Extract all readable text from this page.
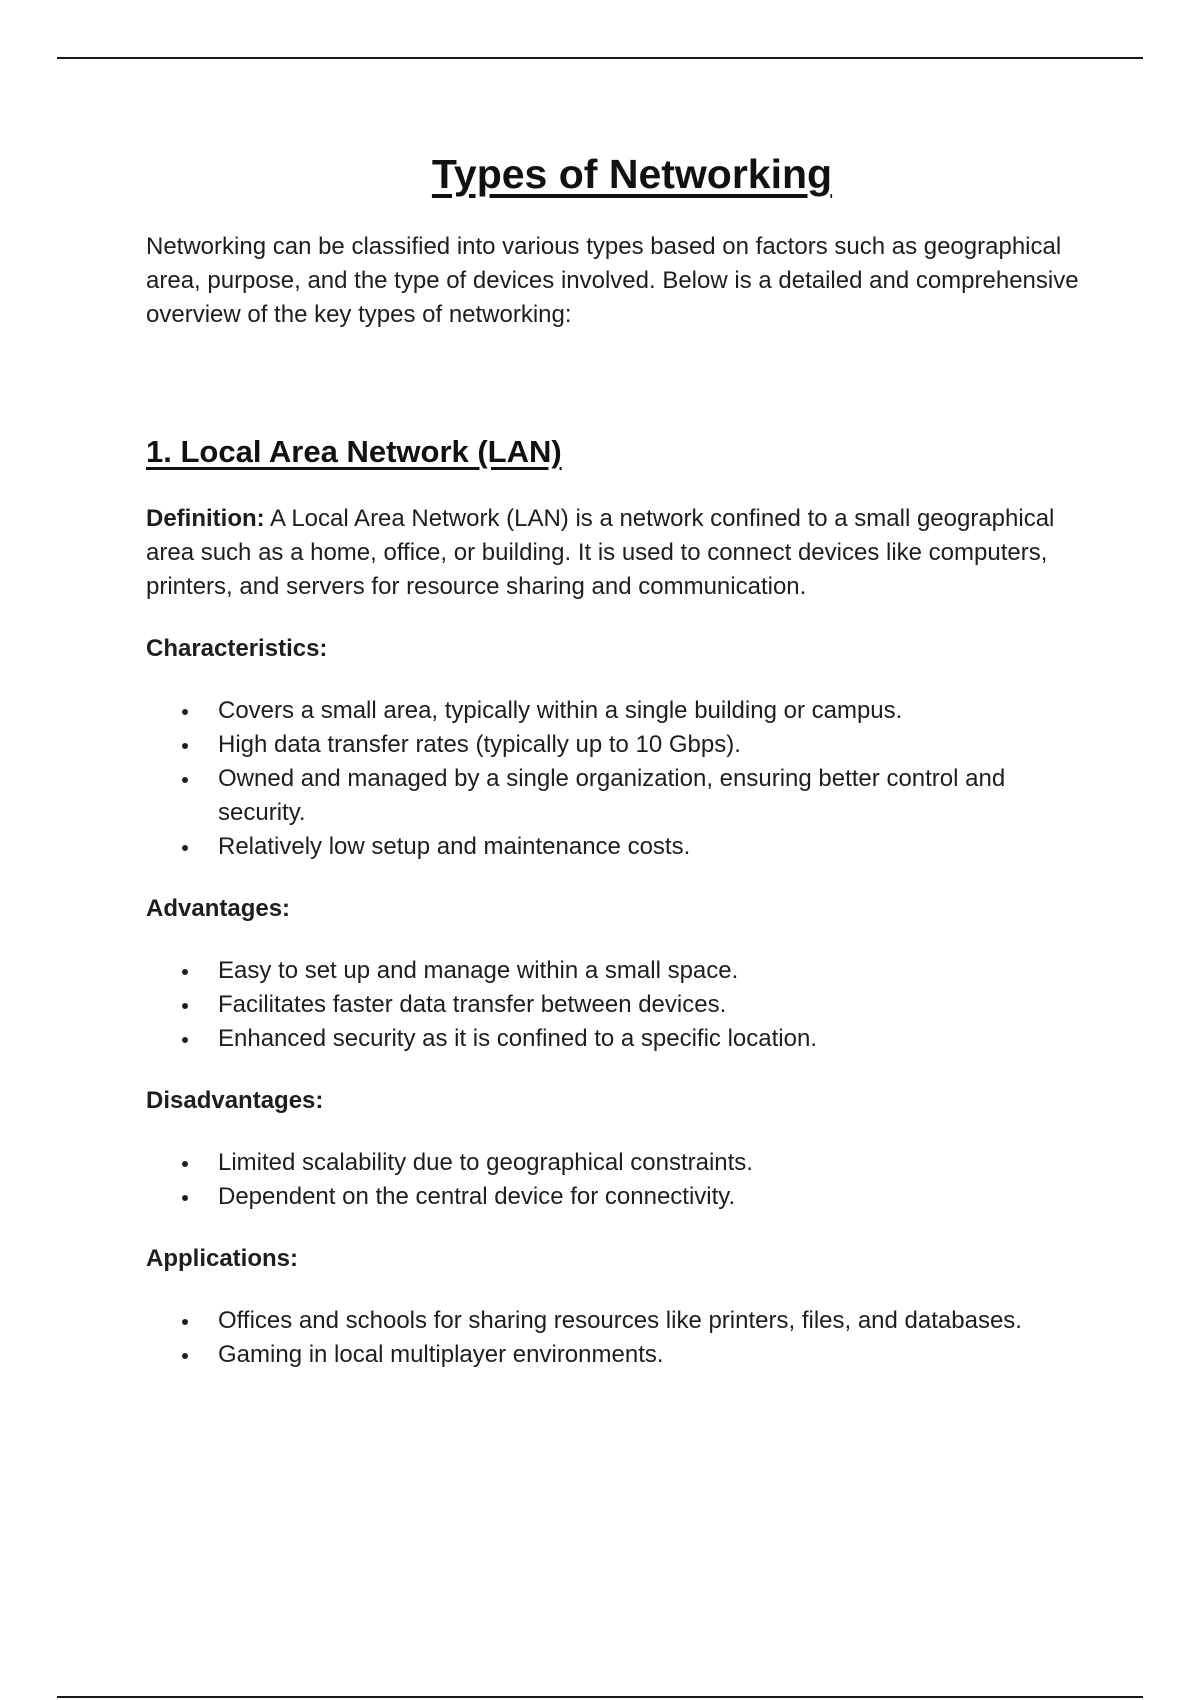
Types of Networking

Networking can be classified into various types based on factors such as geographical area, purpose, and the type of devices involved. Below is a detailed and comprehensive overview of the key types of networking:

1. Local Area Network (LAN)

Definition: A Local Area Network (LAN) is a network confined to a small geographical area such as a home, office, or building. It is used to connect devices like computers, printers, and servers for resource sharing and communication.

Characteristics:
Covers a small area, typically within a single building or campus.
High data transfer rates (typically up to 10 Gbps).
Owned and managed by a single organization, ensuring better control and security.
Relatively low setup and maintenance costs.
Advantages:
Easy to set up and manage within a small space.
Facilitates faster data transfer between devices.
Enhanced security as it is confined to a specific location.
Disadvantages:
Limited scalability due to geographical constraints.
Dependent on the central device for connectivity.
Applications:
Offices and schools for sharing resources like printers, files, and databases.
Gaming in local multiplayer environments.
